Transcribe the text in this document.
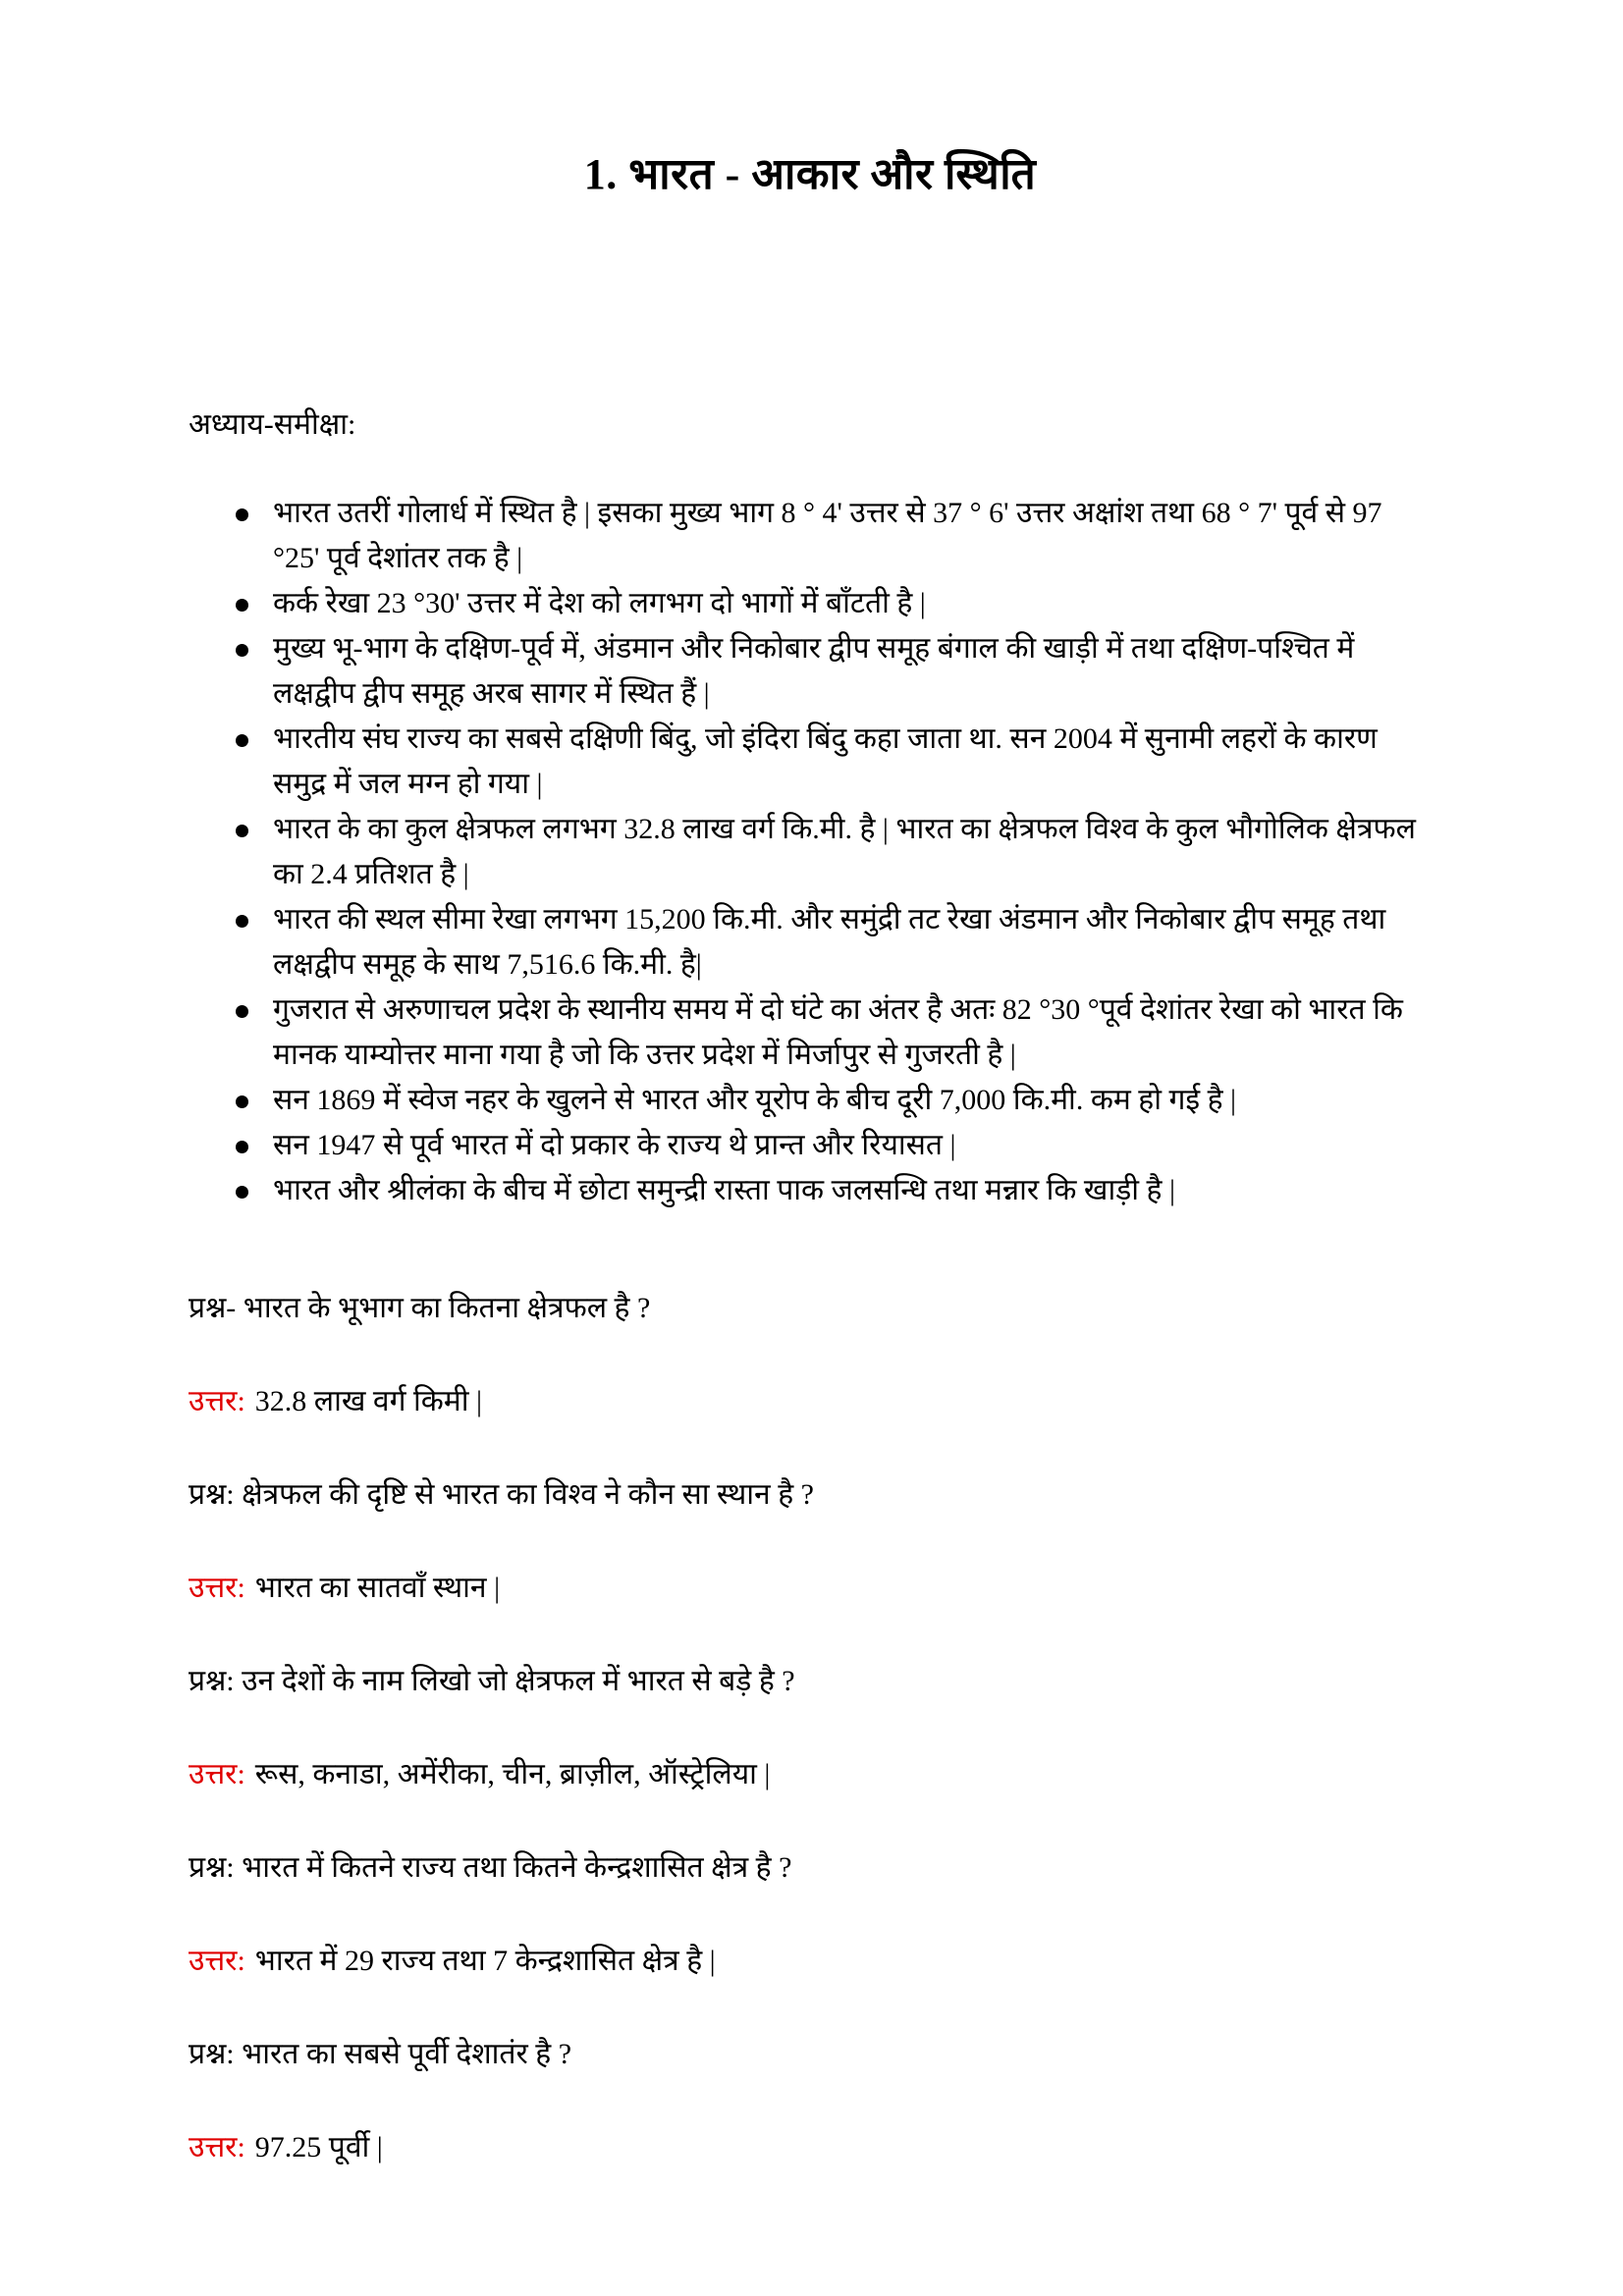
1. भारत - आकार और स्थिति

अध्याय-समीक्षा:

भारत उतरीं गोलार्ध में स्थित है | इसका मुख्य भाग 8 ° 4' उत्तर से 37 ° 6' उत्तर अक्षांश तथा 68 ° 7' पूर्व से 97 °25' पूर्व देशांतर तक है |
कर्क रेखा 23 °30' उत्तर में देश को लगभग दो भागों में बाँटती है |
मुख्य भू-भाग के दक्षिण-पूर्व में, अंडमान और निकोबार द्वीप समूह बंगाल की खाड़ी में तथा दक्षिण-पश्चित में लक्षद्वीप द्वीप समूह अरब सागर में स्थित हैं |
भारतीय संघ राज्य का सबसे दक्षिणी बिंदु, जो इंदिरा बिंदु कहा जाता था. सन 2004 में सुनामी लहरों के कारण समुद्र में जल मग्न हो गया |
भारत के का कुल क्षेत्रफल लगभग 32.8 लाख वर्ग कि.मी. है | भारत का क्षेत्रफल विश्व के कुल भौगोलिक क्षेत्रफल का 2.4 प्रतिशत है |
भारत की स्थल सीमा रेखा लगभग 15,200 कि.मी. और समुंद्री तट रेखा अंडमान और निकोबार द्वीप समूह तथा लक्षद्वीप समूह के साथ 7,516.6 कि.मी. है|
गुजरात से अरुणाचल प्रदेश के स्थानीय समय में दो घंटे का अंतर है अतः 82 °30 °पूर्व देशांतर रेखा को भारत कि मानक याम्योत्तर माना गया है जो कि उत्तर प्रदेश में मिर्जापुर से गुजरती है |
सन 1869 में स्वेज नहर के खुलने से भारत और यूरोप के बीच दूरी 7,000 कि.मी. कम हो गई है |
सन 1947 से पूर्व भारत में दो प्रकार के राज्य थे प्रान्त और रियासत |
भारत और श्रीलंका के बीच में छोटा समुन्द्री रास्ता पाक जलसन्धि तथा मन्नार कि खाड़ी है |

प्रश्न- भारत के भूभाग का कितना क्षेत्रफल है ?

उत्तर: 32.8 लाख वर्ग किमी |

प्रश्न: क्षेत्रफल की दृष्टि से भारत का विश्व ने कौन सा स्थान है ?

उत्तर: भारत का सातवाँ स्थान |

प्रश्न: उन देशों के नाम लिखो जो क्षेत्रफल में भारत से बड़े है ?

उत्तर: रूस, कनाडा, अमेंरीका, चीन, ब्राज़ील, ऑस्ट्रेलिया |

प्रश्न: भारत में कितने राज्य तथा कितने केन्द्रशासित क्षेत्र है ?

उत्तर: भारत में 29 राज्य तथा 7 केन्द्रशासित क्षेत्र है |

प्रश्न: भारत का सबसे पूर्वी देशातंर है ?

उत्तर: 97.25 पूर्वी |
